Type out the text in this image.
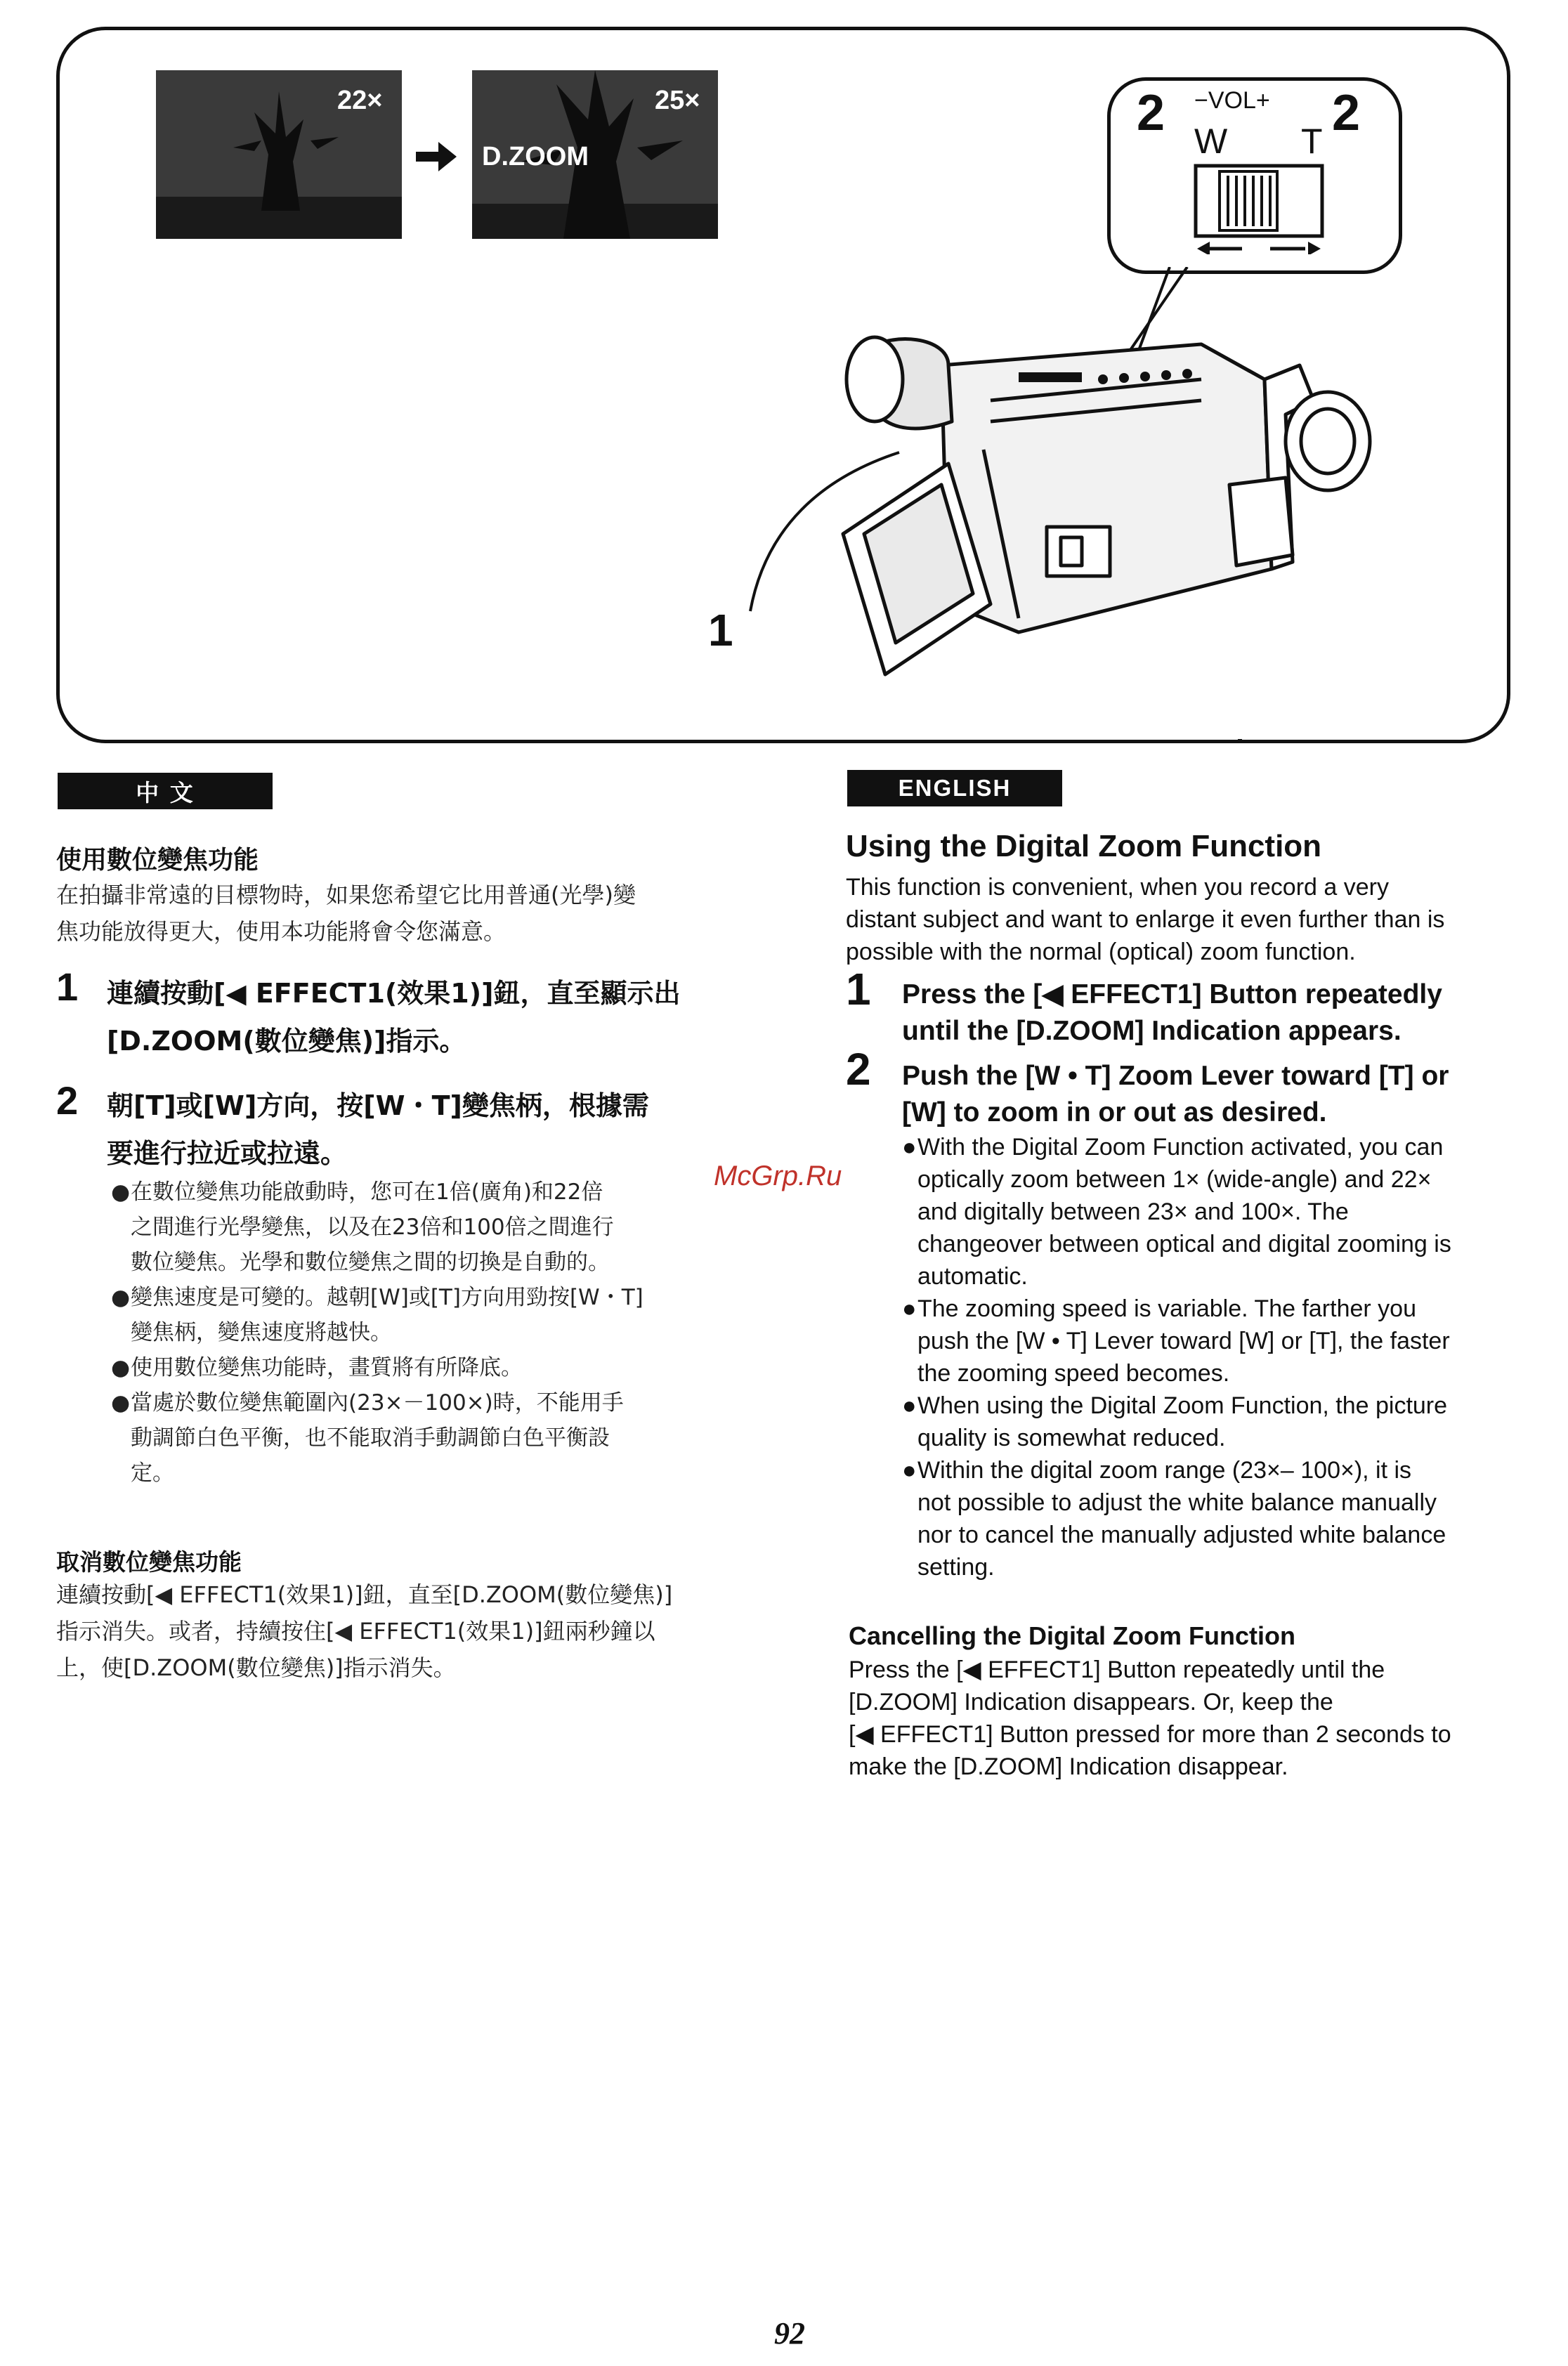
22×	25×
D.ZOOM
2	2
−VOL+
W T
1
中 文	ENGLISH
使用數位變焦功能
在拍攝非常遠的目標物時，如果您希望它比用普通(光學)變
焦功能放得更大，使用本功能將會令您滿意。
1 連續按動[◀ EFFECT1(效果1)]鈕，直至顯示出
[D.ZOOM(數位變焦)]指示。
2 朝[T]或[W]方向，按[W・T]變焦柄，根據需
要進行拉近或拉遠。
● 在數位變焦功能啟動時，您可在1倍(廣角)和22倍
之間進行光學變焦，以及在23倍和100倍之間進行
數位變焦。光學和數位變焦之間的切換是自動的。
● 變焦速度是可變的。越朝[W]或[T]方向用勁按[W・T]
變焦柄，變焦速度將越快。
● 使用數位變焦功能時，畫質將有所降底。
● 當處於數位變焦範圍內(23×－100×)時，不能用手
動調節白色平衡，也不能取消手動調節白色平衡設
定。
取消數位變焦功能
連續按動[◀ EFFECT1(效果1)]鈕，直至[D.ZOOM(數位變焦)]
指示消失。或者，持續按住[◀ EFFECT1(效果1)]鈕兩秒鐘以
上，使[D.ZOOM(數位變焦)]指示消失。
Using the Digital Zoom Function
This function is convenient, when you record a very
distant subject and want to enlarge it even further than is
possible with the normal (optical) zoom function.
1 Press the [◀ EFFECT1] Button repeatedly
until the [D.ZOOM] Indication appears.
2 Push the [W • T] Zoom Lever toward [T] or
[W] to zoom in or out as desired.
● With the Digital Zoom Function activated, you can
optically zoom between 1× (wide-angle) and 22×
and digitally between 23× and 100×. The
changeover between optical and digital zooming is
automatic.
● The zooming speed is variable. The farther you
push the [W • T] Lever toward [W] or [T], the faster
the zooming speed becomes.
● When using the Digital Zoom Function, the picture
quality is somewhat reduced.
● Within the digital zoom range (23×– 100×), it is
not possible to adjust the white balance manually
nor to cancel the manually adjusted white balance
setting.
Cancelling the Digital Zoom Function
Press the [◀ EFFECT1] Button repeatedly until the
[D.ZOOM] Indication disappears. Or, keep the
[◀ EFFECT1] Button pressed for more than 2 seconds to
make the [D.ZOOM] Indication disappear.
McGrp.Ru
92
